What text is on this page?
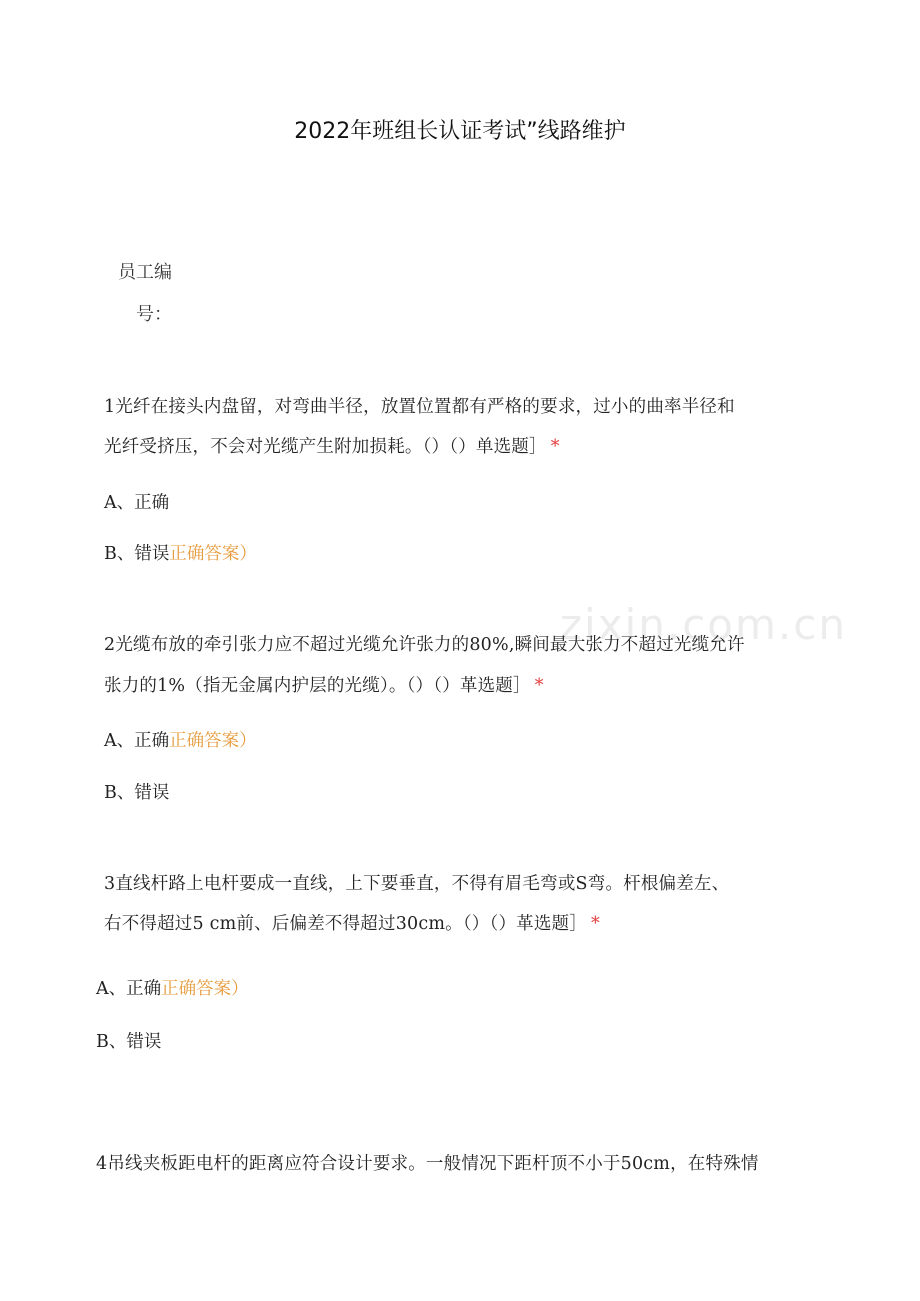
zixin.com.cn
2022年班组长认证考试”线路维护
员工编
号：
1光纤在接头内盘留，对弯曲半径，放置位置都有严格的要求，过小的曲率半径和
光纤受挤压，不会对光缆产生附加损耗。（）（）单选题］ *
A、正确
B、错误正确答案）
2光缆布放的牵引张力应不超过光缆允许张力的80%,瞬间最大张力不超过光缆允许
张力的1%（指无金属内护层的光缆）。（）（）革选题］ *
A、正确正确答案）
B、错误
3直线杆路上电杆要成一直线，上下要垂直，不得有眉毛弯或S弯。杆根偏差左、
右不得超过5 cm前、后偏差不得超过30cm。（）（）革选题］ *
A、正确正确答案）
B、错误
4吊线夹板距电杆的距离应符合设计要求。一般情况下距杆顶不小于50cm，在特殊情
